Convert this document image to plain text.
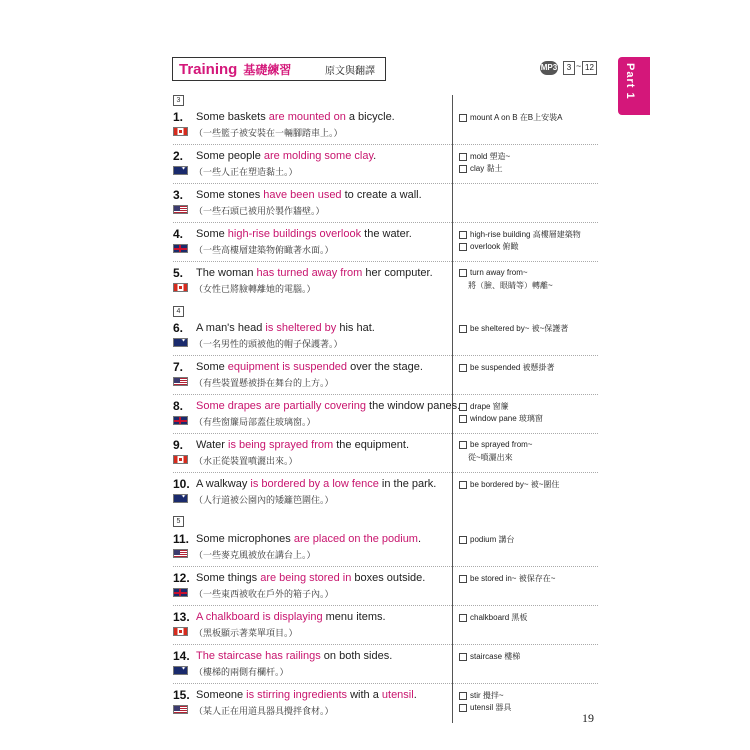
Training 基礎練習	原文與翻譯	MP3	3 ~ 12	Part 1
3
4
5
1. Some baskets are mounted on a bicycle.
（一些籃子被安裝在一輛腳踏車上。）
mount A on B 在B上安裝A
2. Some people are molding some clay.
✦
（一些人正在塑造黏土。）
mold 塑造~
clay 黏土
3. Some stones have been used to create a wall.
（一些石頭已被用於製作牆壁。）
4. Some high-rise buildings overlook the water.
（一些高樓層建築物俯瞰著水面。）
high-rise building 高樓層建築物
overlook 俯瞰
5. The woman has turned away from her computer.
（女性已將臉轉離她的電腦。）
turn away from~
將（臉、眼睛等）轉離~
6. A man's head is sheltered by his hat.
✦
（一名男性的頭被他的帽子保護著。）
be sheltered by~ 被~保護著
7. Some equipment is suspended over the stage.
（有些裝置懸被掛在舞台的上方。）
be suspended 被懸掛著
8. Some drapes are partially covering the window panes.
（有些窗簾局部蓋住玻璃窗。）
drape 窗簾
window pane 玻璃窗
9. Water is being sprayed from the equipment.
（水正從裝置噴灑出來。）
be sprayed from~
從~噴灑出來
10. A walkway is bordered by a low fence in the park.
✦
（人行道被公園內的矮籬笆圍住。）
be bordered by~ 被~圍住
11. Some microphones are placed on the podium.
（一些麥克風被放在講台上。）
podium 講台
12. Some things are being stored in boxes outside.
（一些東西被收在戶外的箱子內。）
be stored in~ 被保存在~
13. A chalkboard is displaying menu items.
（黑板顯示著菜單項目。）
chalkboard 黑板
14. The staircase has railings on both sides.
✦
（樓梯的兩側有欄杆。）
staircase 樓梯
15. Someone is stirring ingredients with a utensil.
（某人正在用道具器具攪拌食材。）
stir 攪拌~
utensil 器具
19
